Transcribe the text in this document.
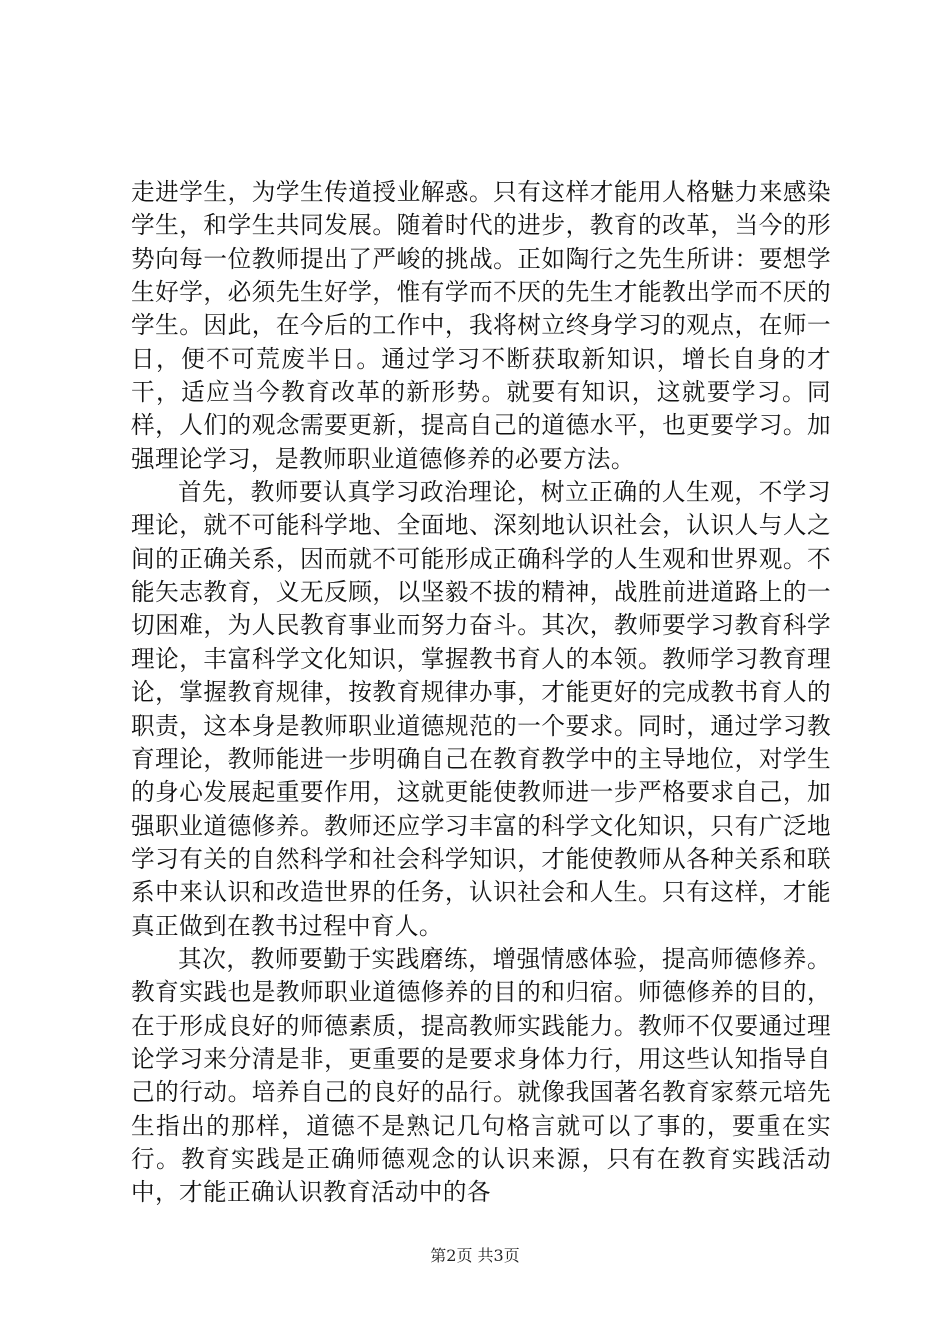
走进学生，为学生传道授业解惑。只有这样才能用人格魅力来感染学生，和学生共同发展。随着时代的进步，教育的改革，当今的形势向每一位教师提出了严峻的挑战。正如陶行之先生所讲：要想学生好学，必须先生好学，惟有学而不厌的先生才能教出学而不厌的学生。因此，在今后的工作中，我将树立终身学习的观点，在师一日，便不可荒废半日。通过学习不断获取新知识，增长自身的才干，适应当今教育改革的新形势。就要有知识，这就要学习。同样，人们的观念需要更新，提高自己的道德水平，也更要学习。加强理论学习，是教师职业道德修养的必要方法。

首先，教师要认真学习政治理论，树立正确的人生观，不学习理论，就不可能科学地、全面地、深刻地认识社会，认识人与人之间的正确关系，因而就不可能形成正确科学的人生观和世界观。不能矢志教育，义无反顾，以坚毅不拔的精神，战胜前进道路上的一切困难，为人民教育事业而努力奋斗。其次，教师要学习教育科学理论，丰富科学文化知识，掌握教书育人的本领。教师学习教育理论，掌握教育规律，按教育规律办事，才能更好的完成教书育人的职责，这本身是教师职业道德规范的一个要求。同时，通过学习教育理论，教师能进一步明确自己在教育教学中的主导地位，对学生的身心发展起重要作用，这就更能使教师进一步严格要求自己，加强职业道德修养。教师还应学习丰富的科学文化知识，只有广泛地学习有关的自然科学和社会科学知识，才能使教师从各种关系和联系中来认识和改造世界的任务，认识社会和人生。只有这样，才能真正做到在教书过程中育人。

其次，教师要勤于实践磨练，增强情感体验，提高师德修养。教育实践也是教师职业道德修养的目的和归宿。师德修养的目的，在于形成良好的师德素质，提高教师实践能力。教师不仅要通过理论学习来分清是非，更重要的是要求身体力行，用这些认知指导自己的行动。培养自己的良好的品行。就像我国著名教育家蔡元培先生指出的那样，道德不是熟记几句格言就可以了事的，要重在实行。教育实践是正确师德观念的认识来源，只有在教育实践活动中，才能正确认识教育活动中的各

第2页 共3页
